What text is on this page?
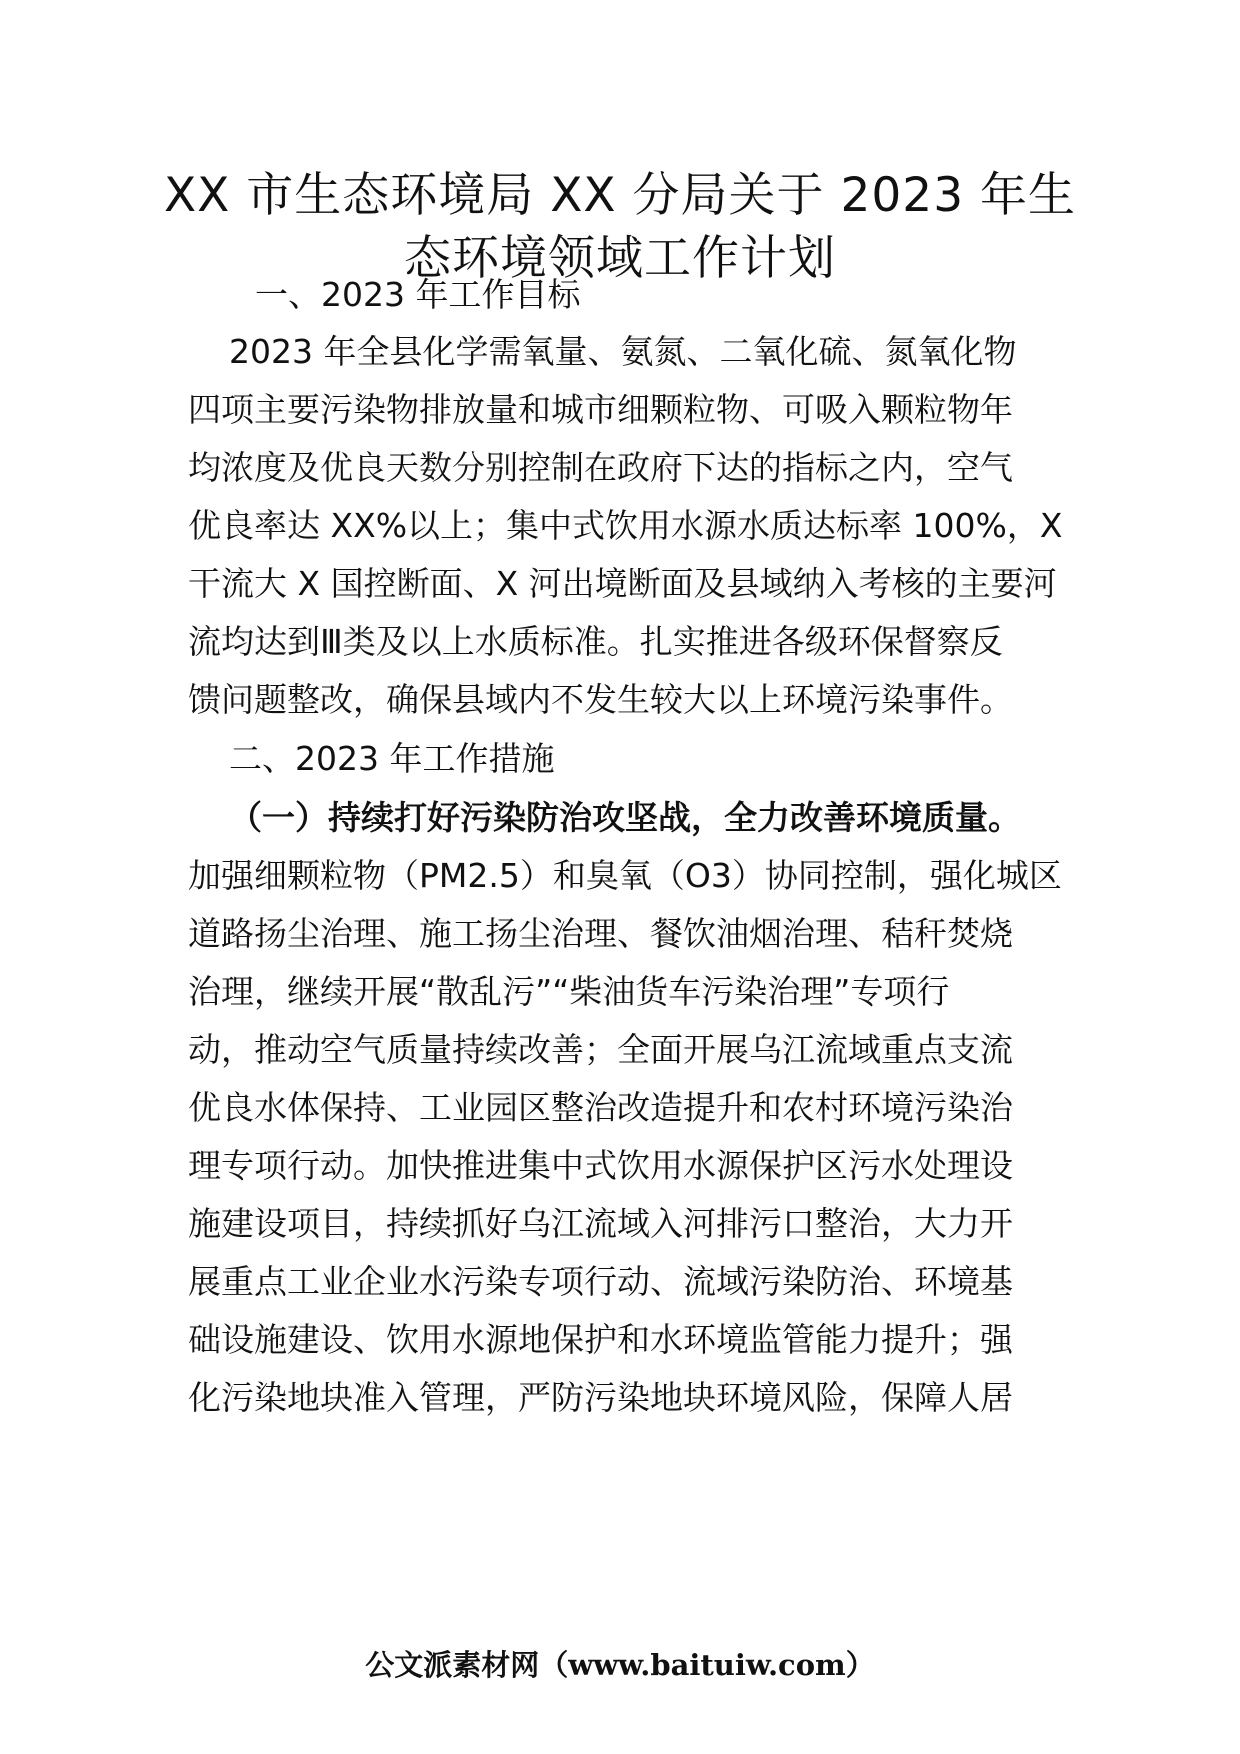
XX 市生态环境局 XX 分局关于 2023 年生
态环境领域工作计划
一、2023 年工作目标
2023 年全县化学需氧量、氨氮、二氧化硫、氮氧化物
四项主要污染物排放量和城市细颗粒物、可吸入颗粒物年
均浓度及优良天数分别控制在政府下达的指标之内，空气
优良率达 XX%以上；集中式饮用水源水质达标率 100%，X
干流大 X 国控断面、X 河出境断面及县域纳入考核的主要河
流均达到Ⅲ类及以上水质标准。扎实推进各级环保督察反
馈问题整改，确保县域内不发生较大以上环境污染事件。
二、2023 年工作措施
（一）持续打好污染防治攻坚战，全力改善环境质量。
加强细颗粒物（PM2.5）和臭氧（O3）协同控制，强化城区
道路扬尘治理、施工扬尘治理、餐饮油烟治理、秸秆焚烧
治理，继续开展“散乱污”“柴油货车污染治理”专项行
动，推动空气质量持续改善；全面开展乌江流域重点支流
优良水体保持、工业园区整治改造提升和农村环境污染治
理专项行动。加快推进集中式饮用水源保护区污水处理设
施建设项目，持续抓好乌江流域入河排污口整治，大力开
展重点工业企业水污染专项行动、流域污染防治、环境基
础设施建设、饮用水源地保护和水环境监管能力提升；强
化污染地块准入管理，严防污染地块环境风险，保障人居
公文派素材网（www.baituiw.com）
